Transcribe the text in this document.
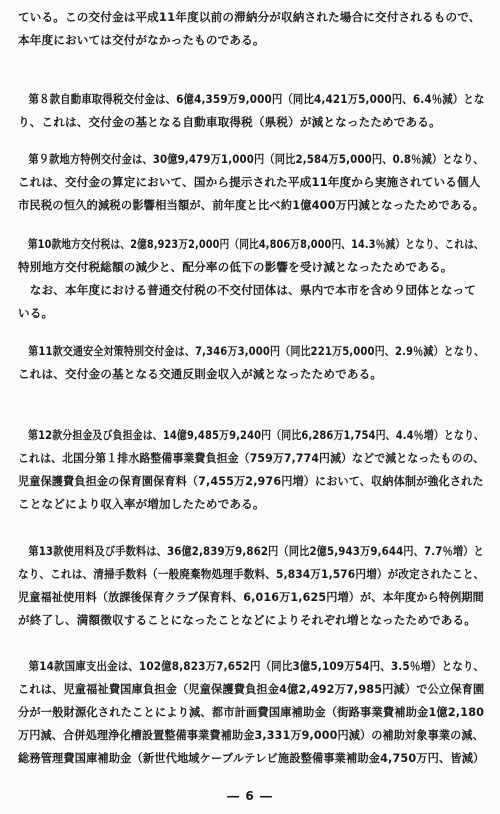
ている。この交付金は平成11年度以前の滞納分が収納された場合に交付されるもので、
本年度においては交付がなかったものである。

　第８款自動車取得税交付金は、6億4,359万9,000円（同比4,421万5,000円、6.4％減）とな
り、これは、交付金の基となる自動車取得税（県税）が減となったためである。

　第９款地方特例交付金は、30億9,479万1,000円（同比2,584万5,000円、0.8％減）となり、
これは、交付金の算定において、国から提示された平成11年度から実施されている個人
市民税の恒久的減税の影響相当額が、前年度と比べ約1億400万円減となったためである。

　第10款地方交付税は、2億8,923万2,000円（同比4,806万8,000円、14.3％減）となり、これは、
特別地方交付税総額の減少と、配分率の低下の影響を受け減となったためである。
　なお、本年度における普通交付税の不交付団体は、県内で本市を含め９団体となって
いる。

　第11款交通安全対策特別交付金は、7,346万3,000円（同比221万5,000円、2.9％減）となり、
これは、交付金の基となる交通反則金収入が減となったためである。

　第12款分担金及び負担金は、14億9,485万9,240円（同比6,286万1,754円、4.4％増）となり、
これは、北国分第１排水路整備事業費負担金（759万7,774円減）などで減となったものの、
児童保護費負担金の保育園保育料（7,455万2,976円増）において、収納体制が強化された
ことなどにより収入率が増加したためである。

　第13款使用料及び手数料は、36億2,839万9,862円（同比2億5,943万9,644円、7.7％増）と
なり、これは、清掃手数料（一般廃棄物処理手数料、5,834万1,576円増）が改定されたこと、
児童福祉使用料（放課後保育クラブ保育料、6,016万1,625円増）が、本年度から特例期間
が終了し、満額徴収することになったことなどによりそれぞれ増となったためである。

　第14款国庫支出金は、102億8,823万7,652円（同比3億5,109万54円、3.5％増）となり、
これは、児童福祉費国庫負担金（児童保護費負担金4億2,492万7,985円減）で公立保育園
分が一般財源化されたことにより減、都市計画費国庫補助金（街路事業費補助金1億2,180
万円減、合併処理浄化槽設置整備事業費補助金3,331万9,000円減）の補助対象事業の減、
総務管理費国庫補助金（新世代地域ケーブルテレビ施設整備事業補助金4,750万円、皆減）

― 6 ―
